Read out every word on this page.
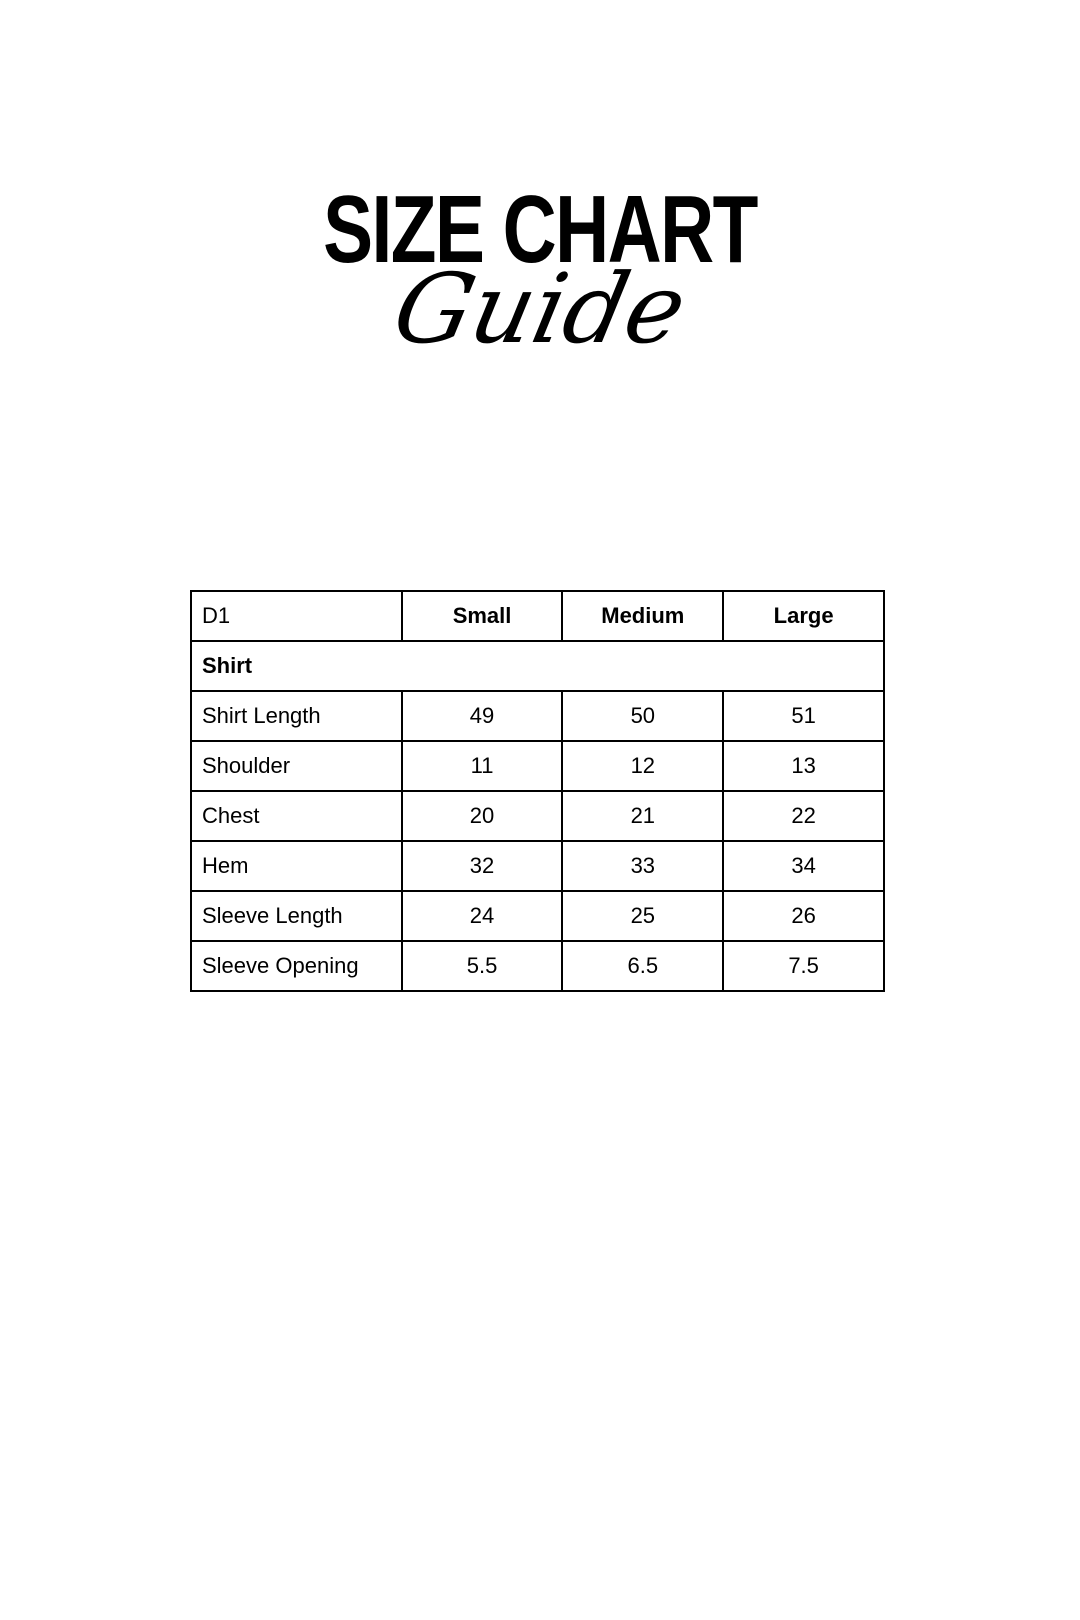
SIZE CHART
Guide
D1	Small	Medium	Large
Shirt			
Shirt Length	49	50	51
Shoulder	11	12	13
Chest	20	21	22
Hem	32	33	34
Sleeve Length	24	25	26
Sleeve Opening	5.5	6.5	7.5
